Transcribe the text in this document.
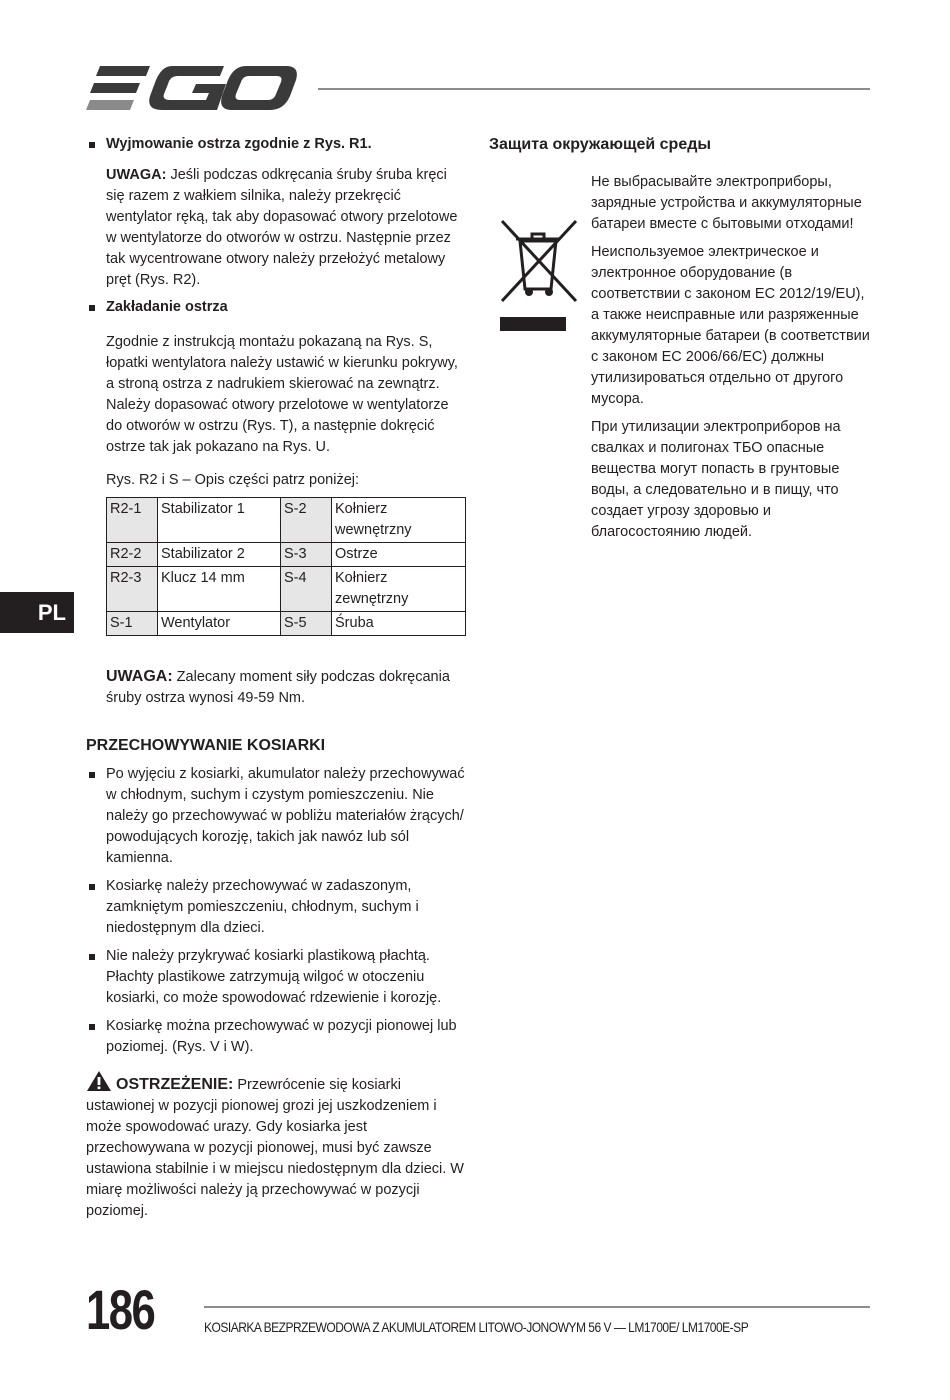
Wyjmowanie ostrza zgodnie z Rys. R1.

UWAGA: Jeśli podczas odkręcania śruby śruba kręci się razem z wałkiem silnika, należy przekręcić wentylator ręką, tak aby dopasować otwory przelotowe w wentylatorze do otworów w ostrzu. Następnie przez tak wycentrowane otwory należy przełożyć metalowy pręt (Rys. R2).

Zakładanie ostrza

Zgodnie z instrukcją montażu pokazaną na Rys. S, łopatki wentylatora należy ustawić w kierunku pokrywy, a stroną ostrza z nadrukiem skierować na zewnątrz. Należy dopasować otwory przelotowe w wentylatorze do otworów w ostrzu (Rys. T), a następnie dokręcić ostrze tak jak pokazano na Rys. U.

Rys. R2 i S – Opis części patrz poniżej:

R2-1	Stabilizator 1	S-2	Kołnierz wewnętrzny
R2-2	Stabilizator 2	S-3	Ostrze
R2-3	Klucz 14 mm	S-4	Kołnierz zewnętrzny
S-1	Wentylator	S-5	Śruba

UWAGA: Zalecany moment siły podczas dokręcania śruby ostrza wynosi 49-59 Nm.

PRZECHOWYWANIE KOSIARKI

Po wyjęciu z kosiarki, akumulator należy przechowywać w chłodnym, suchym i czystym pomieszczeniu. Nie należy go przechowywać w pobliżu materiałów żrących/ powodujących korozję, takich jak nawóz lub sól kamienna.

Kosiarkę należy przechowywać w zadaszonym, zamkniętym pomieszczeniu, chłodnym, suchym i niedostępnym dla dzieci.

Nie należy przykrywać kosiarki plastikową płachtą. Płachty plastikowe zatrzymują wilgoć w otoczeniu kosiarki, co może spowodować rdzewienie i korozję.

Kosiarkę można przechowywać w pozycji pionowej lub poziomej. (Rys. V i W).

OSTRZEŻENIE: Przewrócenie się kosiarki ustawionej w pozycji pionowej grozi jej uszkodzeniem i może spowodować urazy. Gdy kosiarka jest przechowywana w pozycji pionowej, musi być zawsze ustawiona stabilnie i w miejscu niedostępnym dla dzieci. W miarę możliwości należy ją przechowywać w pozycji poziomej.

Защита окружающей среды

Не выбрасывайте электроприборы, зарядные устройства и аккумуляторные батареи вместе с бытовыми отходами!

Неиспользуемое электрическое и электронное оборудование (в соответствии с законом ЕС 2012/19/EU), а также неисправные или разряженные аккумуляторные батареи (в соответствии с законом ЕС 2006/66/ЕС) должны утилизироваться отдельно от другого мусора.

При утилизации электроприборов на свалках и полигонах ТБО опасные вещества могут попасть в грунтовые воды, а следовательно и в пищу, что создает угрозу здоровью и благосостоянию людей.

PL
186	KOSIARKA BEZPRZEWODOWA Z AKUMULATOREM LITOWO-JONOWYM 56 V — LM1700E/ LM1700E-SP
